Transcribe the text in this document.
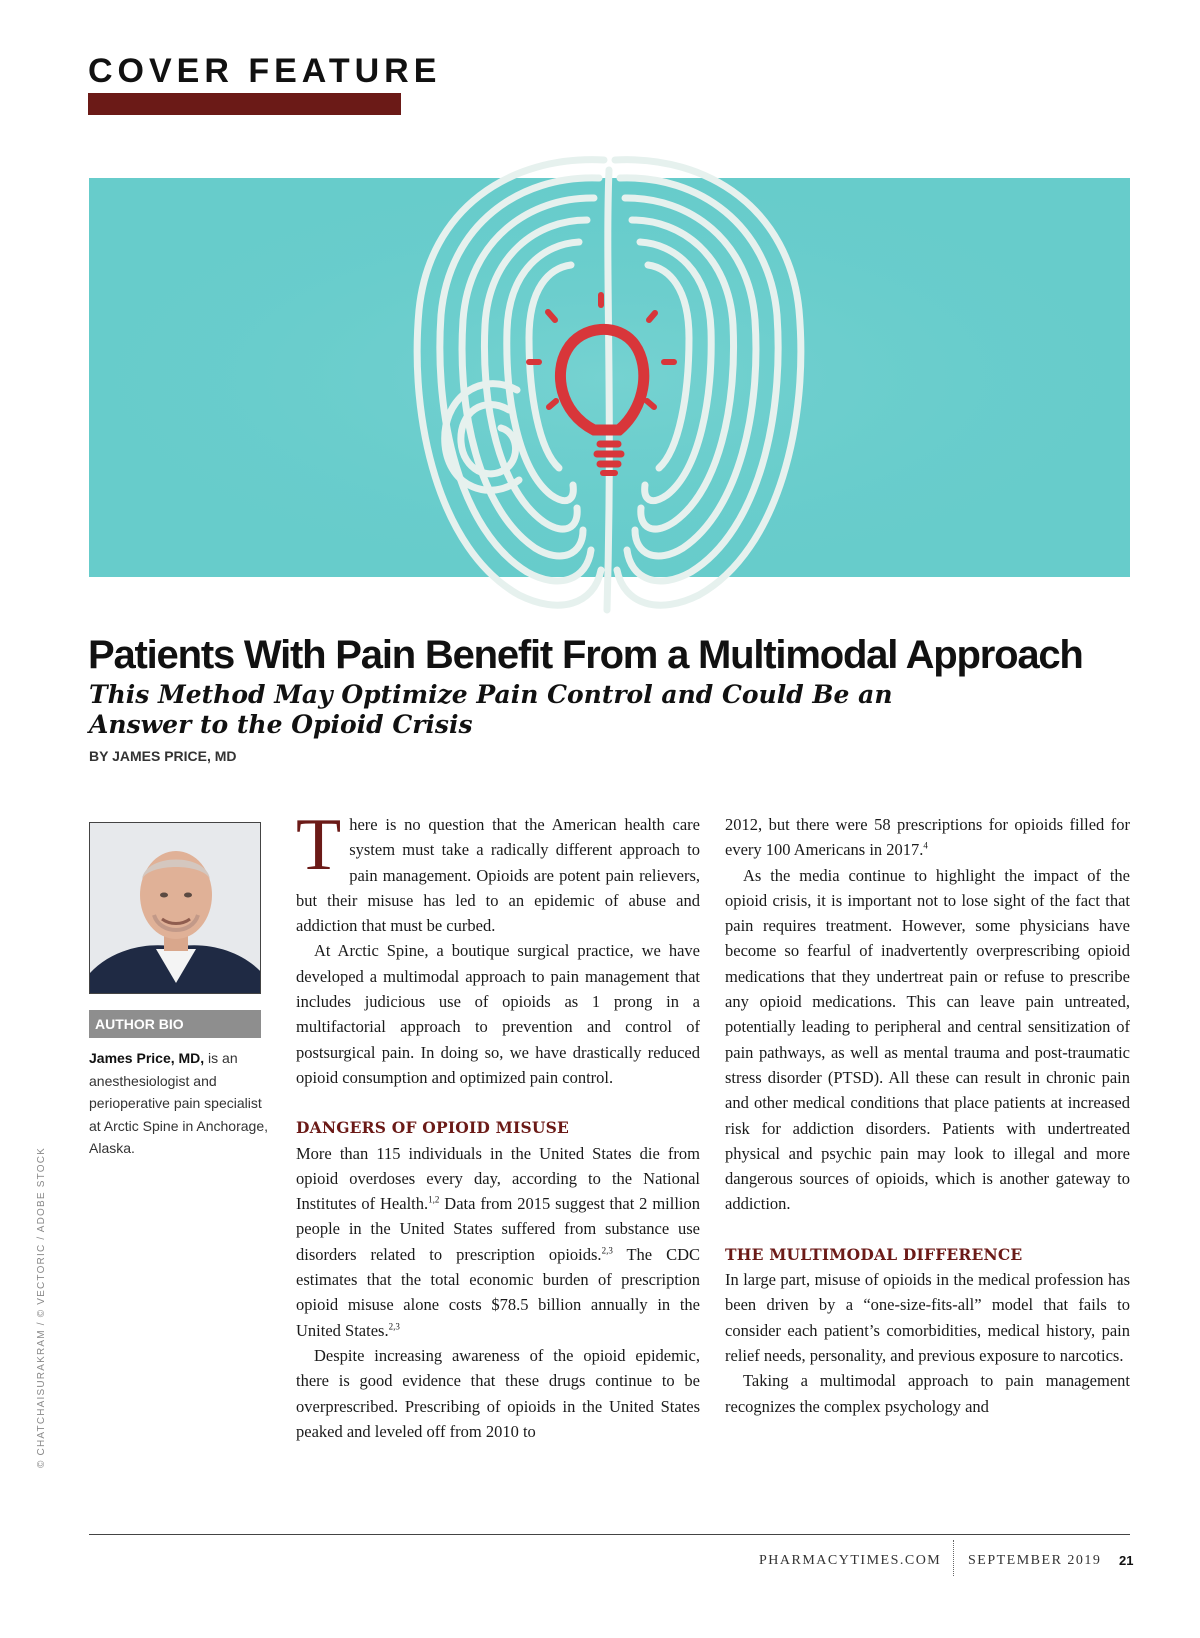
COVER FEATURE
Patients With Pain Benefit From a Multimodal Approach
This Method May Optimize Pain Control and Could Be an Answer to the Opioid Crisis
BY JAMES PRICE, MD
AUTHOR BIO
James Price, MD, is an anesthesiologist and perioperative pain specialist at Arctic Spine in Anchorage, Alaska.
© CHATCHAISURAKRAM / © VECTORIC / ADOBE STOCK

There is no question that the American health care system must take a radically different approach to pain management. Opioids are potent pain relievers, but their misuse has led to an epidemic of abuse and addiction that must be curbed.

At Arctic Spine, a boutique surgical practice, we have developed a multimodal approach to pain management that includes judicious use of opioids as 1 prong in a multifactorial approach to prevention and control of postsurgical pain. In doing so, we have drastically reduced opioid consumption and optimized pain control.

DANGERS OF OPIOID MISUSE

More than 115 individuals in the United States die from opioid overdoses every day, according to the National Institutes of Health.$^{1,2}$ Data from 2015 suggest that 2 million people in the United States suffered from substance use disorders related to prescription opioids.$^{2,3}$ The CDC estimates that the total economic burden of prescription opioid misuse alone costs $78.5 billion annually in the United States.$^{2,3}$

Despite increasing awareness of the opioid epidemic, there is good evidence that these drugs continue to be overprescribed. Prescribing of opioids in the United States peaked and leveled off from 2010 to

2012, but there were 58 prescriptions for opioids filled for every 100 Americans in 2017.$^4$

As the media continue to highlight the impact of the opioid crisis, it is important not to lose sight of the fact that pain requires treatment. However, some physicians have become so fearful of inadvertently overprescribing opioid medications that they undertreat pain or refuse to prescribe any opioid medications. This can leave pain untreated, potentially leading to peripheral and central sensitization of pain pathways, as well as mental trauma and post-traumatic stress disorder (PTSD). All these can result in chronic pain and other medical conditions that place patients at increased risk for addiction disorders. Patients with undertreated physical and psychic pain may look to illegal and more dangerous sources of opioids, which is another gateway to addiction.

THE MULTIMODAL DIFFERENCE

In large part, misuse of opioids in the medical profession has been driven by a “one-size-fits-all” model that fails to consider each patient’s comorbidities, medical history, pain relief needs, personality, and previous exposure to narcotics.

Taking a multimodal approach to pain management recognizes the complex psychology and

PHARMACYTIMES.COM SEPTEMBER 2019 21
